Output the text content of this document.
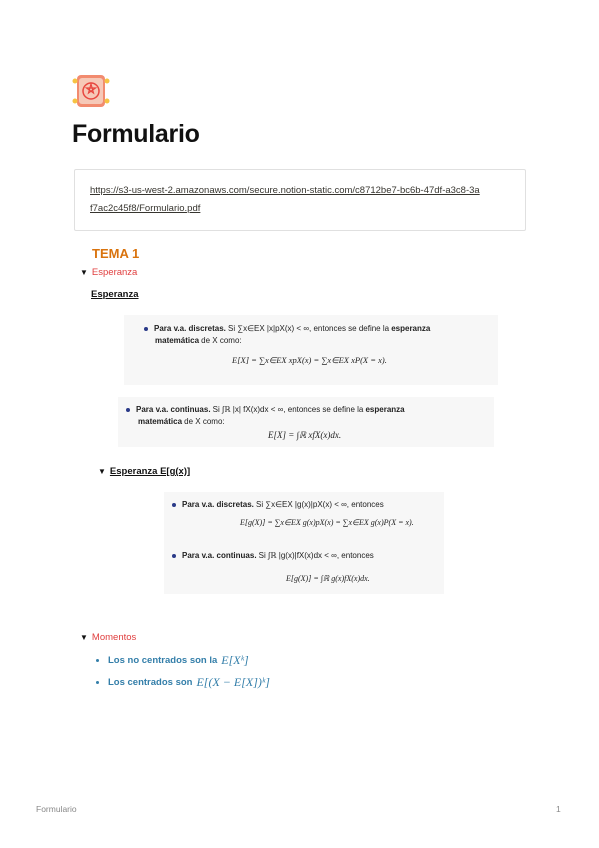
Formulario
https://s3-us-west-2.amazonaws.com/secure.notion-static.com/c8712be7-bc6b-47df-a3c8-3a
f7ac2c45f8/Formulario.pdf
TEMA 1
▼ Esperanza
Esperanza
Para v.a. discretas. Si ∑x∈ΕX |x|pX(x) < ∞, entonces se define la esperanza
matemática de X como:
E[X] = ∑x∈EX xpX(x) = ∑x∈EX xP(X = x).
Para v.a. continuas. Si ∫ℝ |x| fX(x)dx < ∞, entonces se define la esperanza
matemática de X como:
E[X] = ∫ℝ xfX(x)dx.
▼ Esperanza E[g(x)]
Para v.a. discretas. Si ∑x∈EX |g(x)|pX(x) < ∞, entonces
E[g(X)] = ∑x∈EX g(x)pX(x) = ∑x∈EX g(x)P(X = x).
Para v.a. continuas. Si ∫ℝ |g(x)|fX(x)dx < ∞, entonces
E[g(X)] = ∫ℝ g(x)fX(x)dx.
▼ Momentos
Los no centrados son la E[Xᵏ]
Los centrados son E[(X − E[X])ᵏ]
Formulario	1
